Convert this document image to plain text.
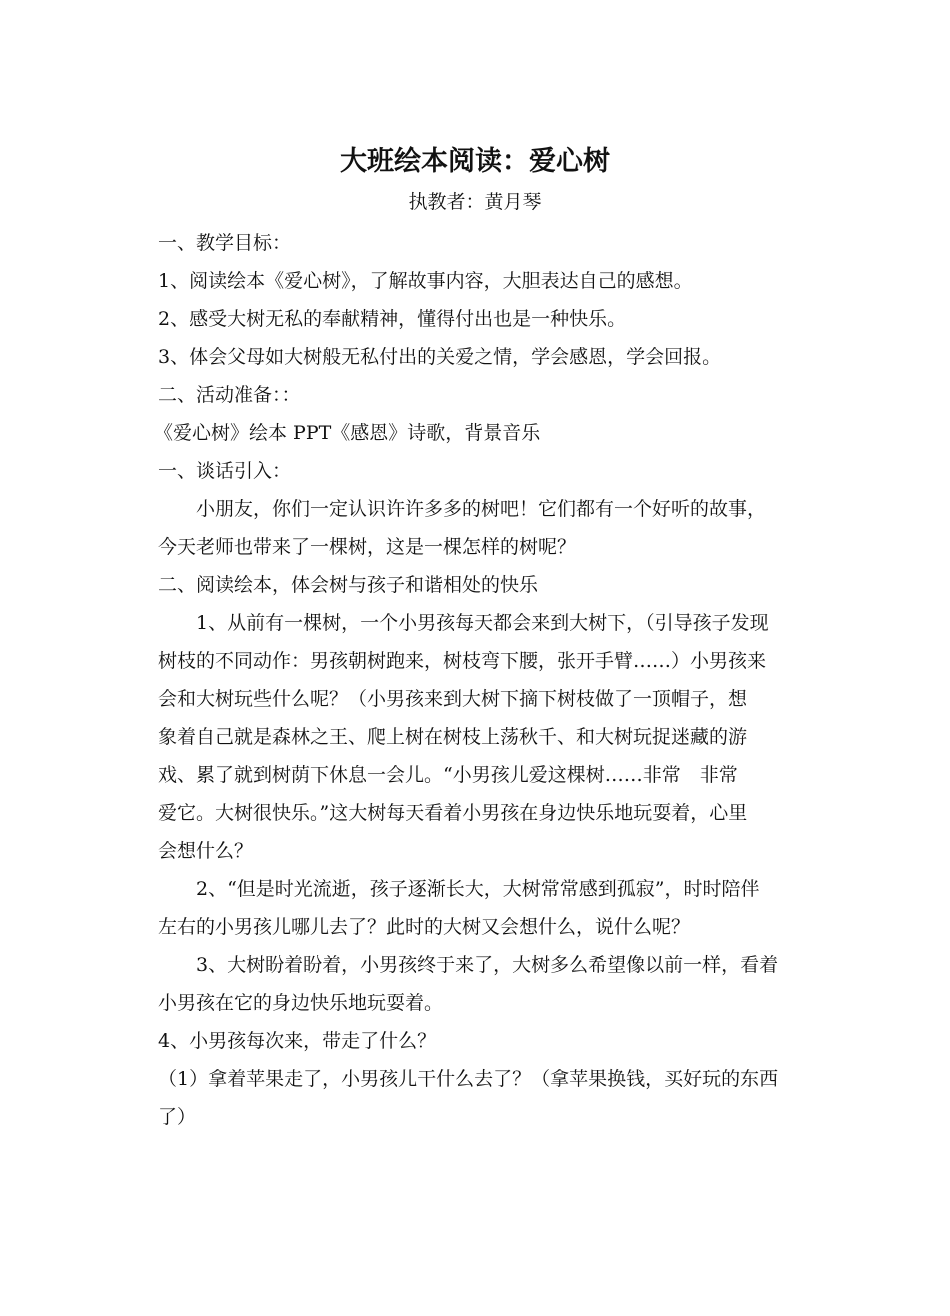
大班绘本阅读：爱心树
执教者：黄月琴
一、教学目标：
1、阅读绘本《爱心树》，了解故事内容，大胆表达自己的感想。
2、感受大树无私的奉献精神，懂得付出也是一种快乐。
3、体会父母如大树般无私付出的关爱之情，学会感恩，学会回报。
二、活动准备：：
《爱心树》绘本 PPT《感恩》诗歌，背景音乐
一、谈话引入：
小朋友，你们一定认识许许多多的树吧！它们都有一个好听的故事，
今天老师也带来了一棵树，这是一棵怎样的树呢？
二、阅读绘本，体会树与孩子和谐相处的快乐
1、从前有一棵树，一个小男孩每天都会来到大树下，（引导孩子发现
树枝的不同动作：男孩朝树跑来，树枝弯下腰，张开手臂……）小男孩来
会和大树玩些什么呢？（小男孩来到大树下摘下树枝做了一顶帽子，想
象着自己就是森林之王、爬上树在树枝上荡秋千、和大树玩捉迷藏的游
戏、累了就到树荫下休息一会儿。“小男孩儿爱这棵树……非常　非常
爱它。大树很快乐。”这大树每天看着小男孩在身边快乐地玩耍着，心里
会想什么？
2、“但是时光流逝，孩子逐渐长大，大树常常感到孤寂”，时时陪伴
左右的小男孩儿哪儿去了？此时的大树又会想什么，说什么呢？
3、大树盼着盼着，小男孩终于来了，大树多么希望像以前一样，看着
小男孩在它的身边快乐地玩耍着。
4、小男孩每次来，带走了什么？
（1）拿着苹果走了，小男孩儿干什么去了？（拿苹果换钱，买好玩的东西
了）
